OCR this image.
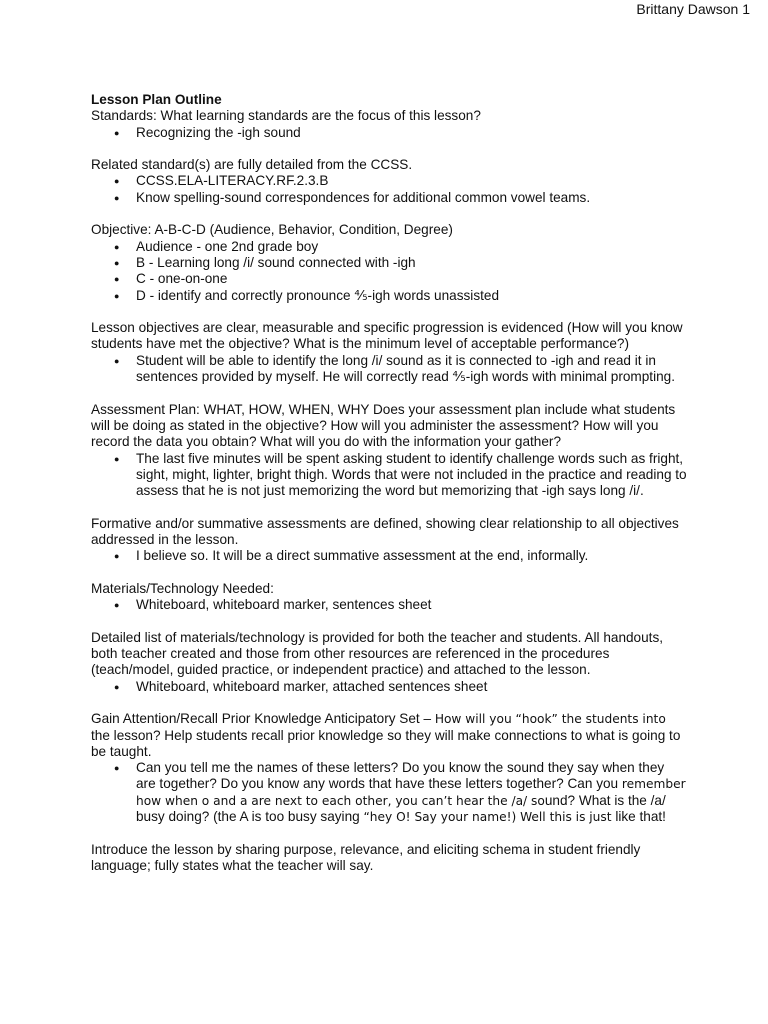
Brittany Dawson 1

Lesson Plan Outline

Standards: What learning standards are the focus of this lesson?

● Recognizing the -igh sound

Related standard(s) are fully detailed from the CCSS.

● CCSS.ELA-LITERACY.RF.2.3.B
● Know spelling-sound correspondences for additional common vowel teams.

Objective: A-B-C-D (Audience, Behavior, Condition, Degree)

● Audience - one 2nd grade boy
● B - Learning long /i/ sound connected with -igh
● C - one-on-one
● D - identify and correctly pronounce ⅘-igh words unassisted

Lesson objectives are clear, measurable and specific progression is evidenced (How will you know students have met the objective? What is the minimum level of acceptable performance?)

● Student will be able to identify the long /i/ sound as it is connected to -igh and read it in sentences provided by myself. He will correctly read ⅘-igh words with minimal prompting.

Assessment Plan: WHAT, HOW, WHEN, WHY Does your assessment plan include what students will be doing as stated in the objective? How will you administer the assessment? How will you record the data you obtain? What will you do with the information your gather?

● The last five minutes will be spent asking student to identify challenge words such as fright, sight, might, lighter, bright thigh. Words that were not included in the practice and reading to assess that he is not just memorizing the word but memorizing that -igh says long /i/.

Formative and/or summative assessments are defined, showing clear relationship to all objectives addressed in the lesson.

● I believe so. It will be a direct summative assessment at the end, informally.

Materials/Technology Needed:

● Whiteboard, whiteboard marker, sentences sheet

Detailed list of materials/technology is provided for both the teacher and students. All handouts, both teacher created and those from other resources are referenced in the procedures (teach/model, guided practice, or independent practice) and attached to the lesson.

● Whiteboard, whiteboard marker, attached sentences sheet

Gain Attention/Recall Prior Knowledge Anticipatory Set – How will you “hook” the students into the lesson? Help students recall prior knowledge so they will make connections to what is going to be taught.

● Can you tell me the names of these letters? Do you know the sound they say when they are together? Do you know any words that have these letters together? Can you remember how when o and a are next to each other, you can’t hear the /a/ sound? What is the /a/ busy doing? (the A is too busy saying “hey O! Say your name!) Well this is just like that!

Introduce the lesson by sharing purpose, relevance, and eliciting schema in student friendly language; fully states what the teacher will say.
